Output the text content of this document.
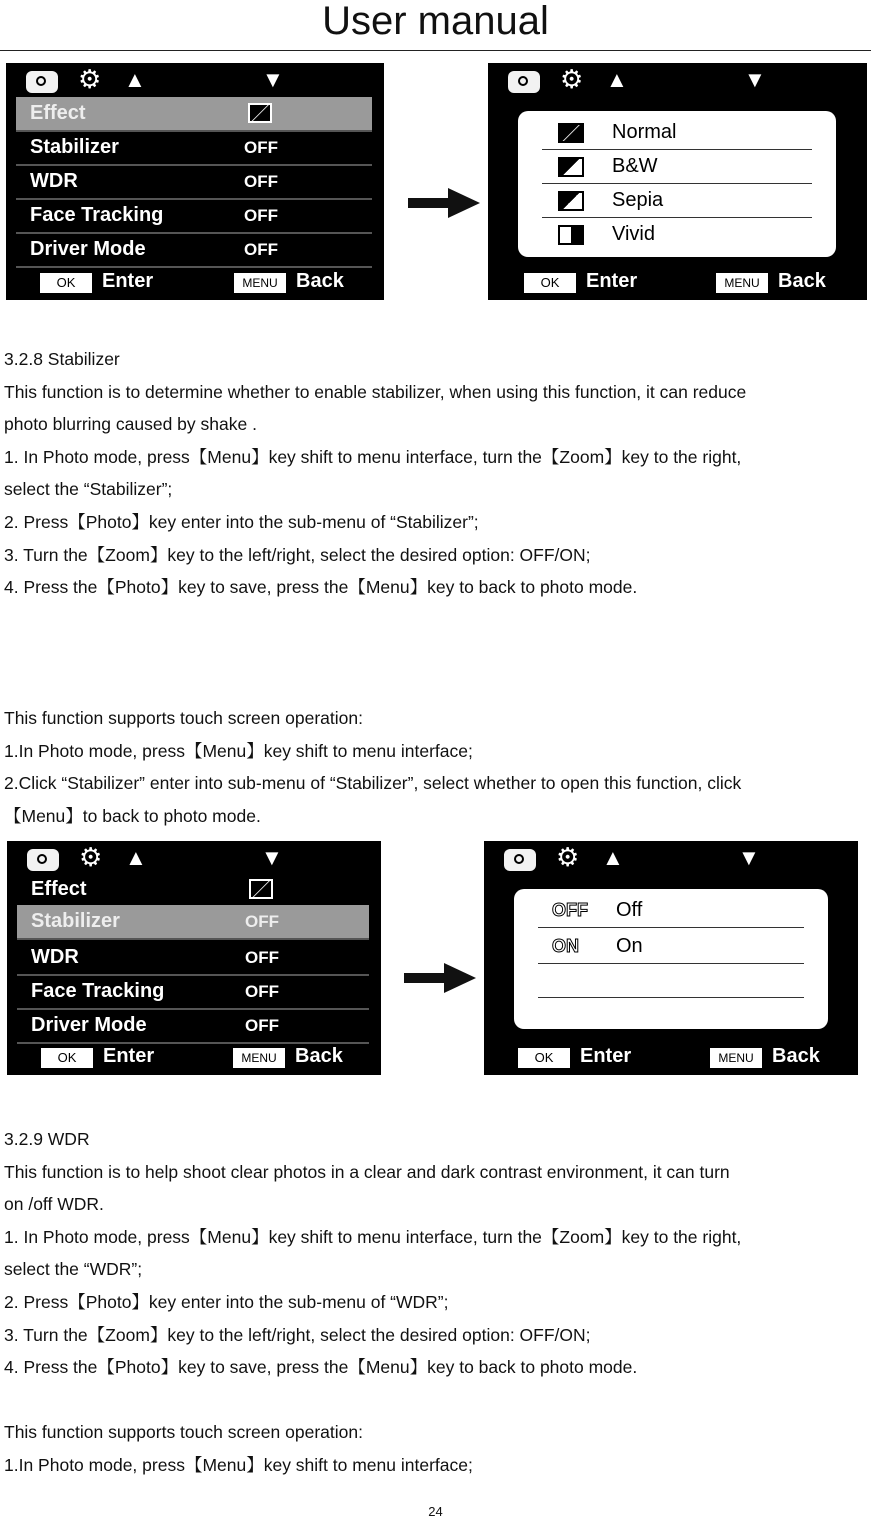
User manual
⚙ ▲	▼
Effect
Stabilizer	OFF
WDR	OFF
Face Tracking	OFF
Driver Mode	OFF
OK	Enter	MENU Back
⚙ ▲	▼
Normal
B&W
Sepia
Vivid
OK	Enter	MENU Back

3.2.8 Stabilizer

This function is to determine whether to enable stabilizer, when using this function, it can reduce

photo blurring caused by shake .

1. In Photo mode, press【Menu】key shift to menu interface, turn the【Zoom】key to the right,

select the “Stabilizer”;

2. Press【Photo】key enter into the sub-menu of “Stabilizer”;

3. Turn the【Zoom】key to the left/right, select the desired option: OFF/ON;

4. Press the【Photo】key to save, press the【Menu】key to back to photo mode.

This function supports touch screen operation:

1.In Photo mode, press【Menu】key shift to menu interface;

2.Click “Stabilizer” enter into sub-menu of “Stabilizer”, select whether to open this function, click

【Menu】to back to photo mode.

⚙ ▲	▼
Effect
Stabilizer	OFF
WDR	OFF
Face Tracking	OFF
Driver Mode	OFF
OK	Enter	MENU Back
⚙ ▲	▼
OFF Off
ON On
OK	Enter	MENU Back

3.2.9 WDR

This function is to help shoot clear photos in a clear and dark contrast environment, it can turn

on /off WDR.

1. In Photo mode, press【Menu】key shift to menu interface, turn the【Zoom】key to the right,

select the “WDR”;

2. Press【Photo】key enter into the sub-menu of “WDR”;

3. Turn the【Zoom】key to the left/right, select the desired option: OFF/ON;

4. Press the【Photo】key to save, press the【Menu】key to back to photo mode.

This function supports touch screen operation:

1.In Photo mode, press【Menu】key shift to menu interface;

24
